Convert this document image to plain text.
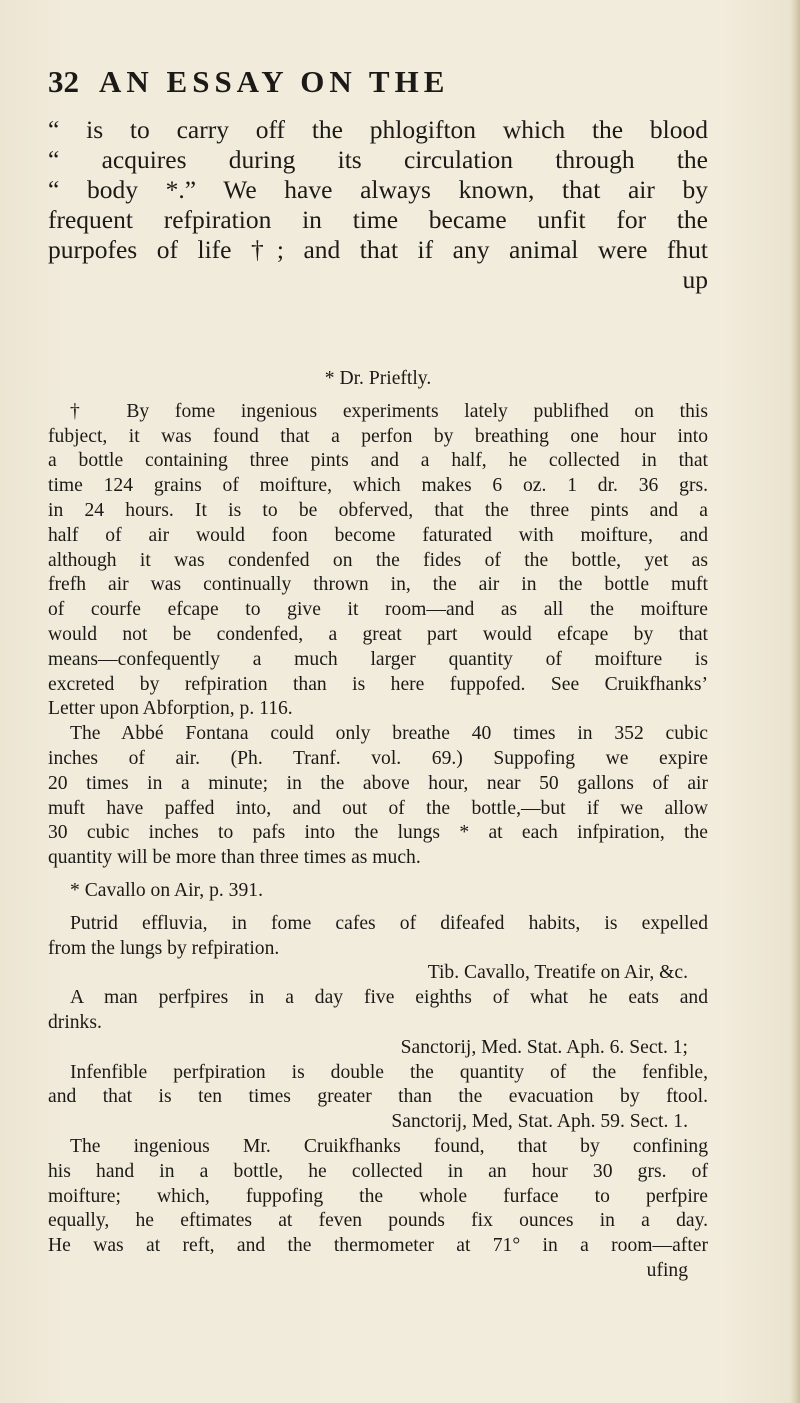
32 AN ESSAY ON THE
“ is to carry off the phlogifton which the blood
“ acquires during its circulation through the
“ body *.” We have always known, that air by
frequent refpiration in time became unfit for the
purpofes of life †; and that if any animal were fhut
up
* Dr. Prieftly.
† By fome ingenious experiments lately publifhed on this
fubject, it was found that a perfon by breathing one hour into
a bottle containing three pints and a half, he collected in that
time 124 grains of moifture, which makes 6 oz. 1 dr. 36 grs.
in 24 hours. It is to be obferved, that the three pints and a
half of air would foon become faturated with moifture, and
although it was condenfed on the fides of the bottle, yet as
frefh air was continually thrown in, the air in the bottle muft
of courfe efcape to give it room—and as all the moifture
would not be condenfed, a great part would efcape by that
means—confequently a much larger quantity of moifture is
excreted by refpiration than is here fuppofed. See Cruikfhanks’
Letter upon Abforption, p. 116.
The Abbé Fontana could only breathe 40 times in 352 cubic
inches of air. (Ph. Tranf. vol. 69.) Suppofing we expire
20 times in a minute; in the above hour, near 50 gallons of air
muft have paffed into, and out of the bottle,—but if we allow
30 cubic inches to pafs into the lungs * at each infpiration, the
quantity will be more than three times as much.
* Cavallo on Air, p. 391.
Putrid effluvia, in fome cafes of difeafed habits, is expelled
from the lungs by refpiration.
Tib. Cavallo, Treatife on Air, &c.
A man perfpires in a day five eighths of what he eats and
drinks.
Sanctorij, Med. Stat. Aph. 6. Sect. 1;
Infenfible perfpiration is double the quantity of the fenfible,
and that is ten times greater than the evacuation by ftool.
Sanctorij, Med, Stat. Aph. 59. Sect. 1.
The ingenious Mr. Cruikfhanks found, that by confining
his hand in a bottle, he collected in an hour 30 grs. of
moifture; which, fuppofing the whole furface to perfpire
equally, he eftimates at feven pounds fix ounces in a day.
He was at reft, and the thermometer at 71° in a room—after
ufing
